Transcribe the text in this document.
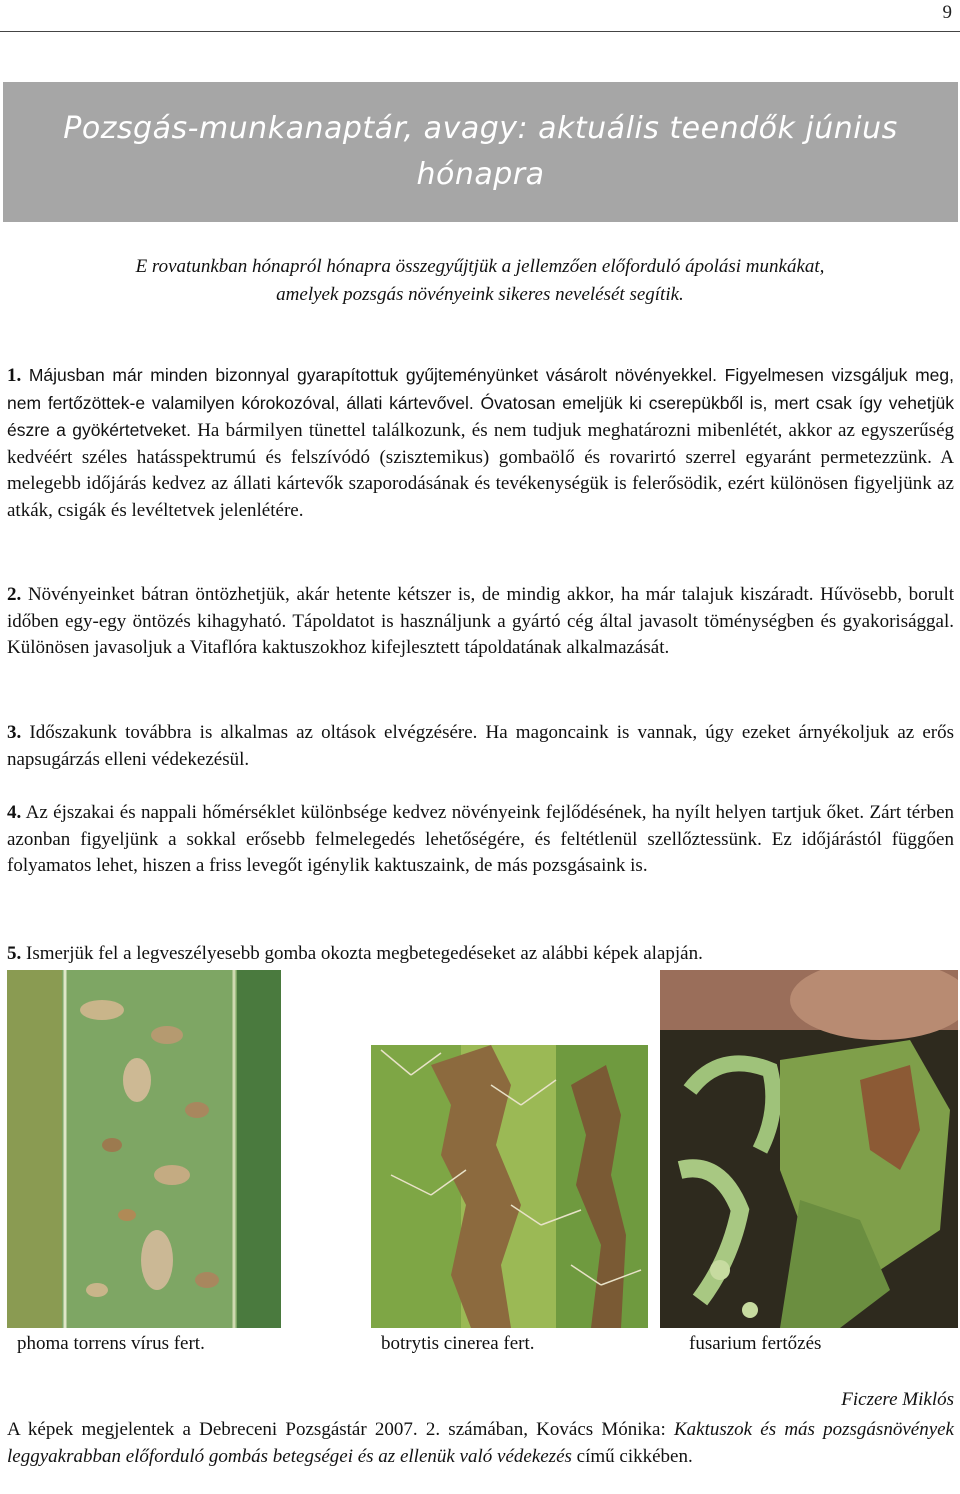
9
Pozsgás-munkanaptár, avagy: aktuális teendők június hónapra

E rovatunkban hónapról hónapra összegyűjtjük a jellemzően előforduló ápolási munkákat,
amelyek pozsgás növényeink sikeres nevelését segítik.

1. Májusban már minden bizonnyal gyarapítottuk gyűjteményünket vásárolt növényekkel. Figyelmesen vizsgáljuk meg, nem fertőzöttek-e valamilyen kórokozóval, állati kártevővel. Óvatosan emeljük ki cserepükből is, mert csak így vehetjük észre a gyökértetveket. Ha bármilyen tünettel találkozunk, és nem tudjuk meghatározni mibenlétét, akkor az egyszerűség kedvéért széles hatásspektrumú és felszívódó (szisztemikus) gombaölő és rovarirtó szerrel egyaránt permetezzünk. A melegebb időjárás kedvez az állati kártevők szaporodásának és tevékenységük is felerősödik, ezért különösen figyeljünk az atkák, csigák és levéltetvek jelenlétére.

2. Növényeinket bátran öntözhetjük, akár hetente kétszer is, de mindig akkor, ha már talajuk kiszáradt. Hűvösebb, borult időben egy-egy öntözés kihagyható. Tápoldatot is használjunk a gyártó cég által javasolt töménységben és gyakorisággal. Különösen javasoljuk a Vitaflóra kaktuszokhoz kifejlesztett tápoldatának alkalmazását.

3. Időszakunk továbbra is alkalmas az oltások elvégzésére. Ha magoncaink is vannak, úgy ezeket árnyékoljuk az erős napsugárzás elleni védekezésül.

4. Az éjszakai és nappali hőmérséklet különbsége kedvez növényeink fejlődésének, ha nyílt helyen tartjuk őket. Zárt térben azonban figyeljünk a sokkal erősebb felmelegedés lehetőségére, és feltétlenül szellőztessünk. Ez időjárástól függően folyamatos lehet, hiszen a friss levegőt igénylik kaktuszaink, de más pozsgásaink is.

5. Ismerjük fel a legveszélyesebb gomba okozta megbetegedéseket az alábbi képek alapján.

phoma torrens vírus fert.	botrytis cinerea fert.	fusarium fertőzés
Ficzere Miklós

A képek megjelentek a Debreceni Pozsgástár 2007. 2. számában, Kovács Mónika: Kaktuszok és más pozsgásnövények leggyakrabban előforduló gombás betegségei és az ellenük való védekezés című cikkében.
